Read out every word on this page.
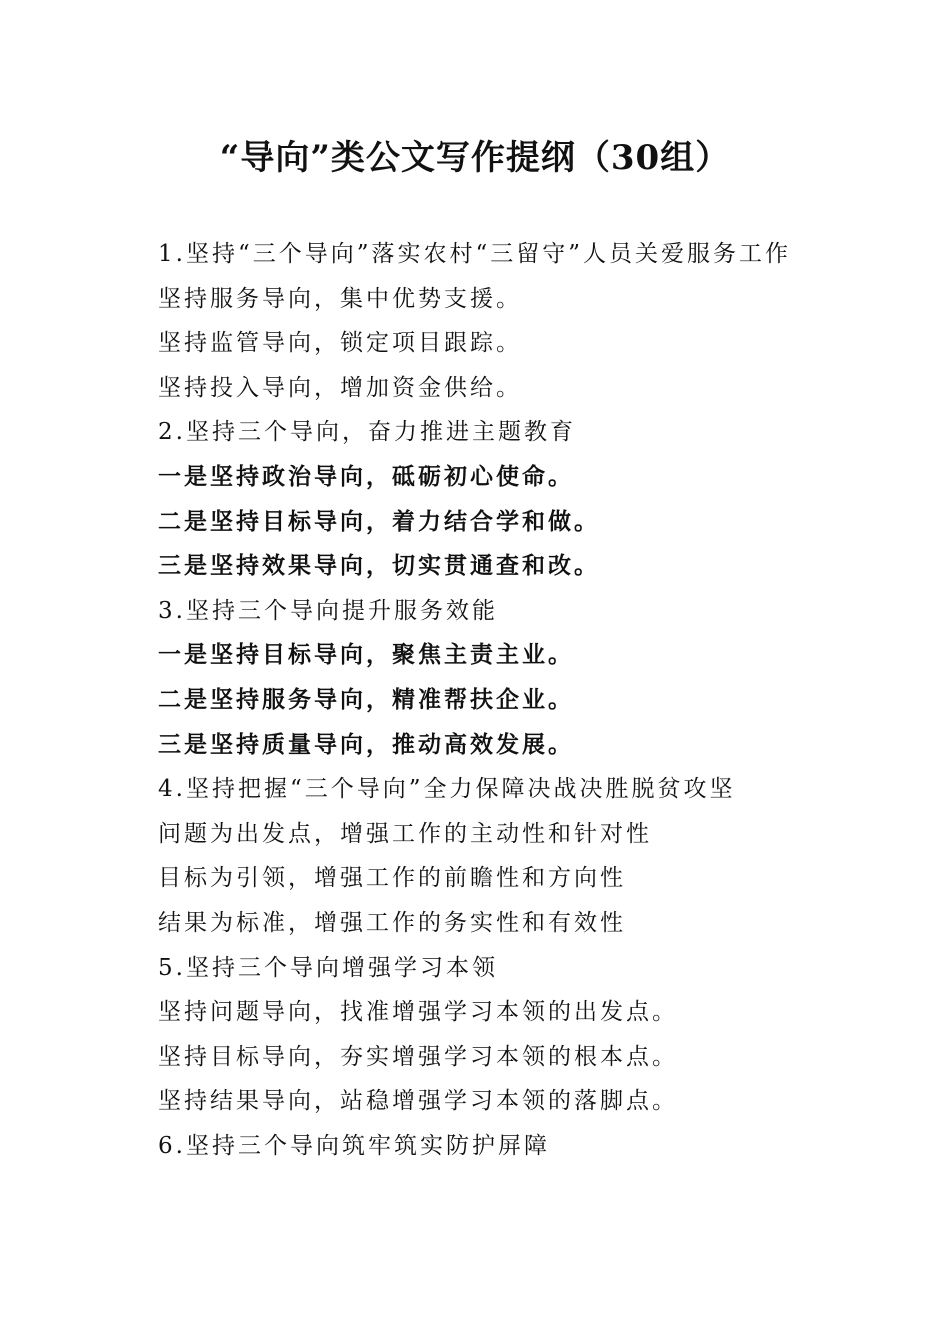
“导向”类公文写作提纲（30组）
1.坚持“三个导向”落实农村“三留守”人员关爱服务工作
坚持服务导向，集中优势支援。
坚持监管导向，锁定项目跟踪。
坚持投入导向，增加资金供给。
2.坚持三个导向，奋力推进主题教育
一是坚持政治导向，砥砺初心使命。
二是坚持目标导向，着力结合学和做。
三是坚持效果导向，切实贯通查和改。
3.坚持三个导向提升服务效能
一是坚持目标导向，聚焦主责主业。
二是坚持服务导向，精准帮扶企业。
三是坚持质量导向，推动高效发展。
4.坚持把握“三个导向”全力保障决战决胜脱贫攻坚
问题为出发点，增强工作的主动性和针对性
目标为引领，增强工作的前瞻性和方向性
结果为标准，增强工作的务实性和有效性
5.坚持三个导向增强学习本领
坚持问题导向，找准增强学习本领的出发点。
坚持目标导向，夯实增强学习本领的根本点。
坚持结果导向，站稳增强学习本领的落脚点。
6.坚持三个导向筑牢筑实防护屏障
